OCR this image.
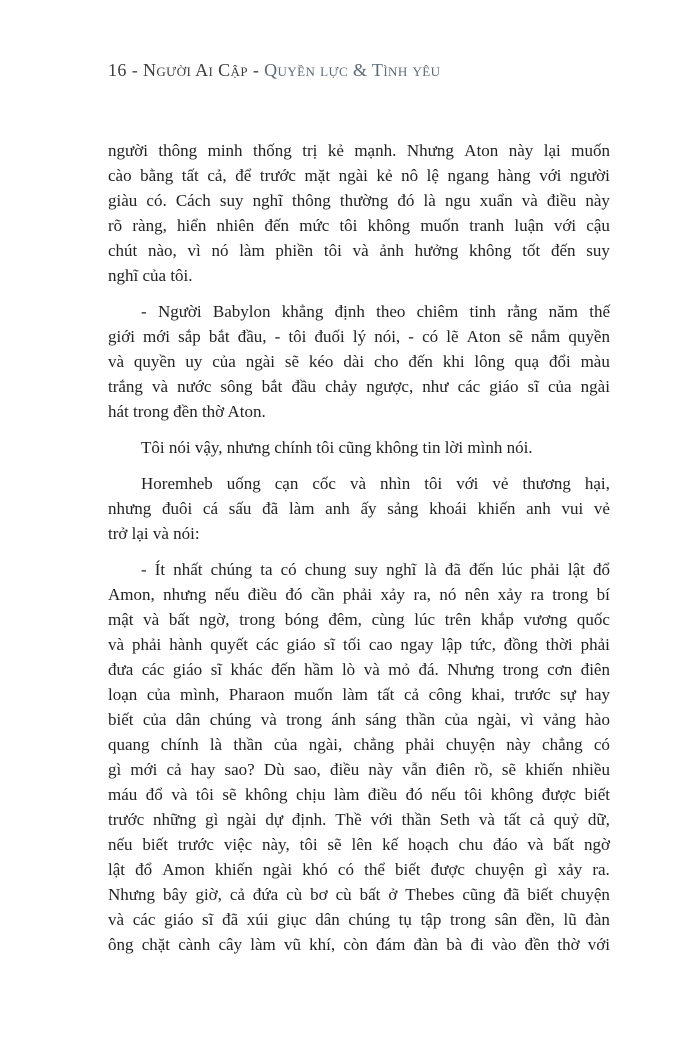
16 - Người Ai Cập - Quyền lực & Tình yêu
người thông minh thống trị kẻ mạnh. Nhưng Aton này lại muốn
cào bằng tất cả, để trước mặt ngài kẻ nô lệ ngang hàng với người
giàu có. Cách suy nghĩ thông thường đó là ngu xuẩn và điều này
rõ ràng, hiển nhiên đến mức tôi không muốn tranh luận với cậu
chút nào, vì nó làm phiền tôi và ảnh hưởng không tốt đến suy
nghĩ của tôi.
- Người Babylon khẳng định theo chiêm tinh rằng năm thế
giới mới sắp bắt đầu, - tôi đuối lý nói, - có lẽ Aton sẽ nắm quyền
và quyền uy của ngài sẽ kéo dài cho đến khi lông quạ đổi màu
trắng và nước sông bắt đầu chảy ngược, như các giáo sĩ của ngài
hát trong đền thờ Aton.
Tôi nói vậy, nhưng chính tôi cũng không tin lời mình nói.
Horemheb uống cạn cốc và nhìn tôi với vẻ thương hại,
nhưng đuôi cá sấu đã làm anh ấy sảng khoái khiến anh vui vẻ
trở lại và nói:
- Ít nhất chúng ta có chung suy nghĩ là đã đến lúc phải lật đổ
Amon, nhưng nếu điều đó cần phải xảy ra, nó nên xảy ra trong bí
mật và bất ngờ, trong bóng đêm, cùng lúc trên khắp vương quốc
và phải hành quyết các giáo sĩ tối cao ngay lập tức, đồng thời phải
đưa các giáo sĩ khác đến hầm lò và mỏ đá. Nhưng trong cơn điên
loạn của mình, Pharaon muốn làm tất cả công khai, trước sự hay
biết của dân chúng và trong ánh sáng thần của ngài, vì vảng hào
quang chính là thần của ngài, chẳng phải chuyện này chẳng có
gì mới cả hay sao? Dù sao, điều này vẫn điên rồ, sẽ khiến nhiều
máu đổ và tôi sẽ không chịu làm điều đó nếu tôi không được biết
trước những gì ngài dự định. Thề với thần Seth và tất cả quỷ dữ,
nếu biết trước việc này, tôi sẽ lên kế hoạch chu đáo và bất ngờ
lật đổ Amon khiến ngài khó có thể biết được chuyện gì xảy ra.
Nhưng bây giờ, cả đứa cù bơ cù bất ở Thebes cũng đã biết chuyện
và các giáo sĩ đã xúi giục dân chúng tụ tập trong sân đền, lũ đàn
ông chặt cành cây làm vũ khí, còn đám đàn bà đi vào đền thờ với
